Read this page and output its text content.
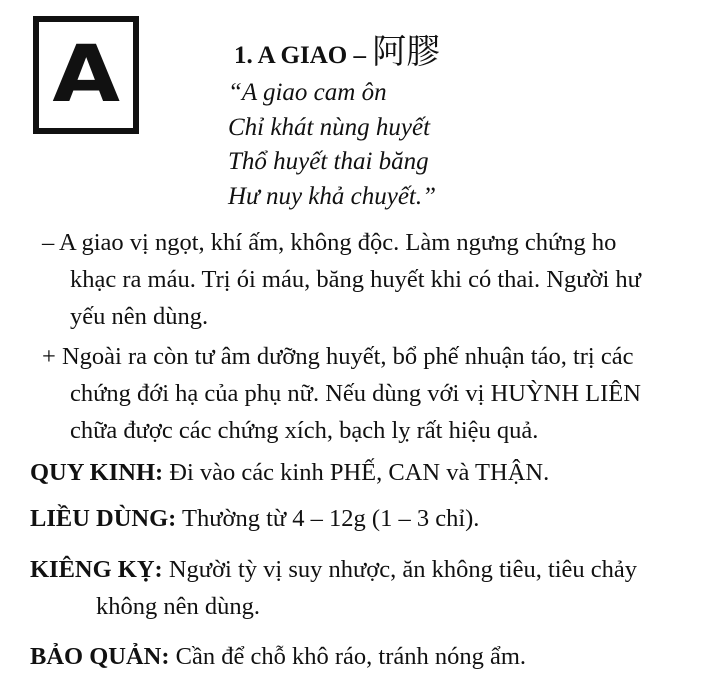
A	1. A GIAO – 阿膠
“A giao cam ôn
Chỉ khát nùng huyết
Thổ huyết thai băng
Hư nuy khả chuyết.”
– A giao vị ngọt, khí ấm, không độc. Làm ngưng chứng ho
khạc ra máu. Trị ói máu, băng huyết khi có thai. Người hư
yếu nên dùng.
+ Ngoài ra còn tư âm dưỡng huyết, bổ phế nhuận táo, trị các
chứng đới hạ của phụ nữ. Nếu dùng với vị HUỲNH LIÊN
chữa được các chứng xích, bạch lỵ rất hiệu quả.
QUY KINH: Đi vào các kinh PHẾ, CAN và THẬN.
LIỀU DÙNG: Thường từ 4 – 12g (1 – 3 chỉ).
KIÊNG KỴ: Người tỳ vị suy nhược, ăn không tiêu, tiêu chảy
không nên dùng.
BẢO QUẢN: Cần để chỗ khô ráo, tránh nóng ẩm.
